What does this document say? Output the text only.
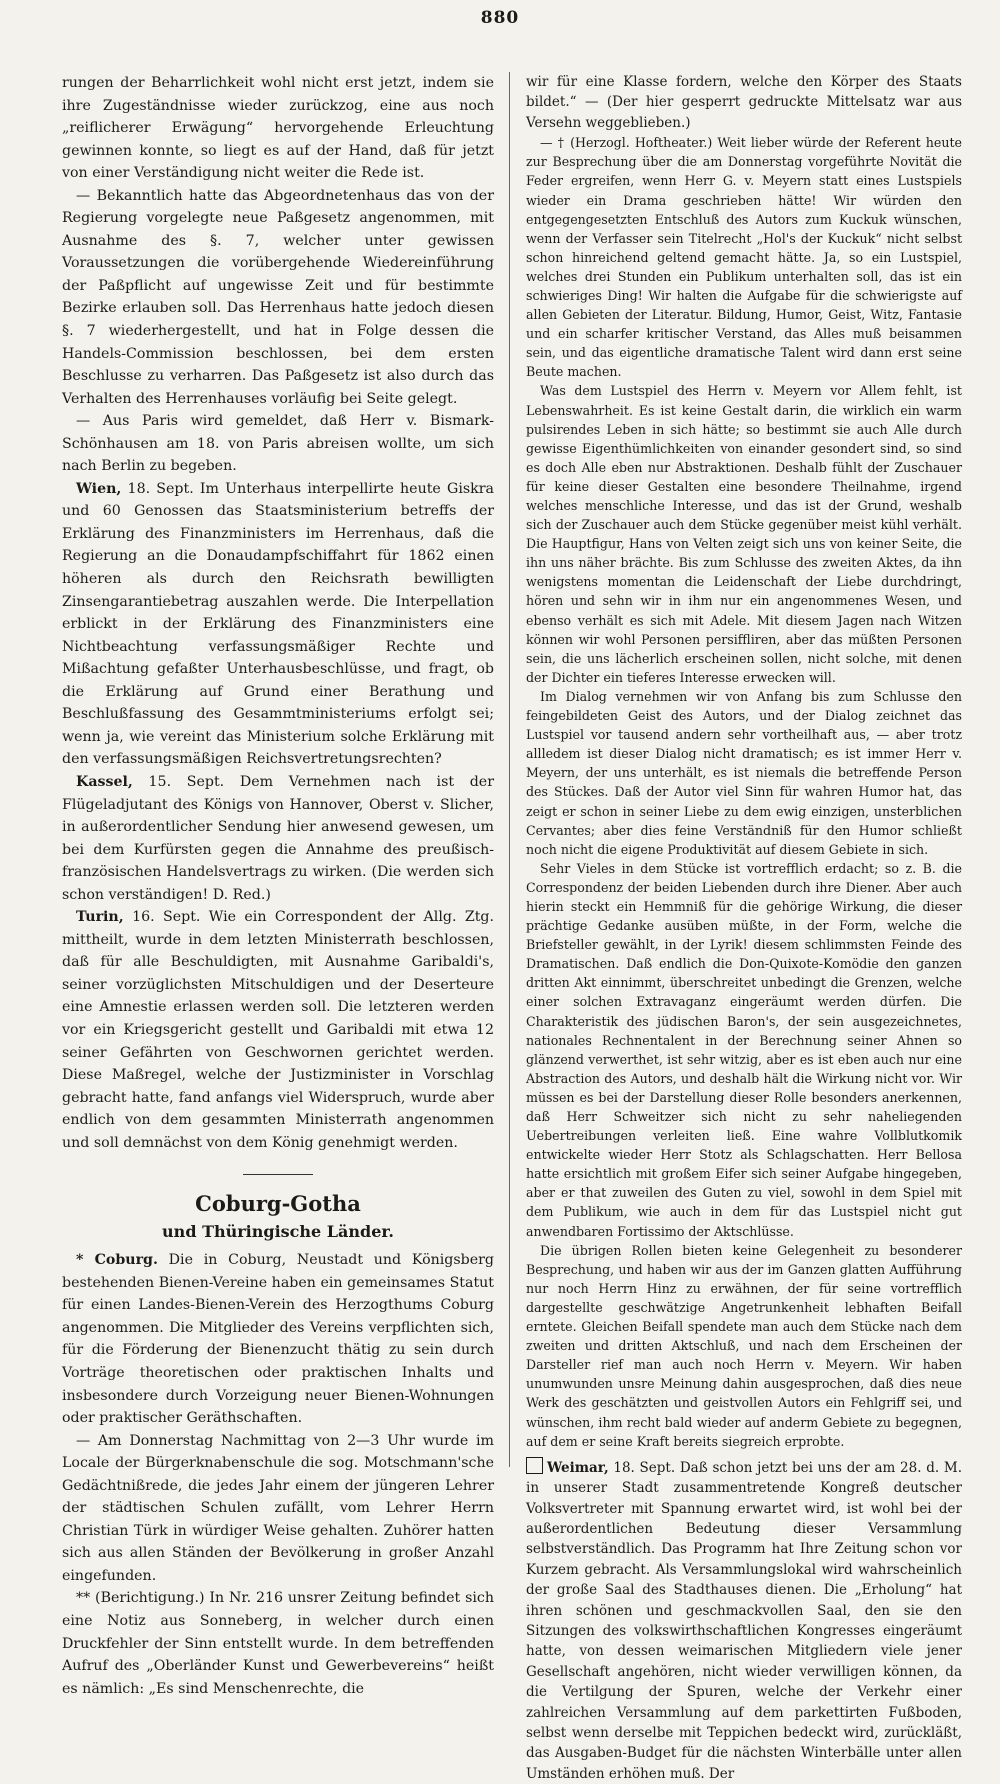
880

rungen der Beharrlichkeit wohl nicht erst jetzt, indem sie ihre Zugeständnisse wieder zurückzog, eine aus noch „reiflicherer Erwägung“ hervorgehende Erleuchtung gewinnen konnte, so liegt es auf der Hand, daß für jetzt von einer Verständigung nicht weiter die Rede ist.

— Bekanntlich hatte das Abgeordnetenhaus das von der Regierung vorgelegte neue Paßgesetz angenommen, mit Ausnahme des §. 7, welcher unter gewissen Voraussetzungen die vorübergehende Wiedereinführung der Paßpflicht auf ungewisse Zeit und für bestimmte Bezirke erlauben soll. Das Herrenhaus hatte jedoch diesen §. 7 wiederhergestellt, und hat in Folge dessen die Handels-Commission beschlossen, bei dem ersten Beschlusse zu verharren. Das Paßgesetz ist also durch das Verhalten des Herrenhauses vorläufig bei Seite gelegt.

— Aus Paris wird gemeldet, daß Herr v. Bismark-Schönhausen am 18. von Paris abreisen wollte, um sich nach Berlin zu begeben.

Wien, 18. Sept. Im Unterhaus interpellirte heute Giskra und 60 Genossen das Staatsministerium betreffs der Erklärung des Finanzministers im Herrenhaus, daß die Regierung an die Donaudampfschiffahrt für 1862 einen höheren als durch den Reichsrath bewilligten Zinsengarantiebetrag auszahlen werde. Die Interpellation erblickt in der Erklärung des Finanzministers eine Nichtbeachtung verfassungsmäßiger Rechte und Mißachtung gefaßter Unterhausbeschlüsse, und fragt, ob die Erklärung auf Grund einer Berathung und Beschlußfassung des Gesammtministeriums erfolgt sei; wenn ja, wie vereint das Ministerium solche Erklärung mit den verfassungsmäßigen Reichsvertretungsrechten?

Kassel, 15. Sept. Dem Vernehmen nach ist der Flügeladjutant des Königs von Hannover, Oberst v. Slicher, in außerordentlicher Sendung hier anwesend gewesen, um bei dem Kurfürsten gegen die Annahme des preußisch-französischen Handelsvertrags zu wirken. (Die werden sich schon verständigen! D. Red.)

Turin, 16. Sept. Wie ein Correspondent der Allg. Ztg. mittheilt, wurde in dem letzten Ministerrath beschlossen, daß für alle Beschuldigten, mit Ausnahme Garibaldi's, seiner vorzüglichsten Mitschuldigen und der Deserteure eine Amnestie erlassen werden soll. Die letzteren werden vor ein Kriegsgericht gestellt und Garibaldi mit etwa 12 seiner Gefährten von Geschwornen gerichtet werden. Diese Maßregel, welche der Justizminister in Vorschlag gebracht hatte, fand anfangs viel Widerspruch, wurde aber endlich von dem gesammten Ministerrath angenommen und soll demnächst von dem König genehmigt werden.

Coburg-Gotha
und Thüringische Länder.

* Coburg. Die in Coburg, Neustadt und Königsberg bestehenden Bienen-Vereine haben ein gemeinsames Statut für einen Landes-Bienen-Verein des Herzogthums Coburg angenommen. Die Mitglieder des Vereins verpflichten sich, für die Förderung der Bienenzucht thätig zu sein durch Vorträge theoretischen oder praktischen Inhalts und insbesondere durch Vorzeigung neuer Bienen-Wohnungen oder praktischer Geräthschaften.

— Am Donnerstag Nachmittag von 2—3 Uhr wurde im Locale der Bürgerknabenschule die sog. Motschmann'sche Gedächtnißrede, die jedes Jahr einem der jüngeren Lehrer der städtischen Schulen zufällt, vom Lehrer Herrn Christian Türk in würdiger Weise gehalten. Zuhörer hatten sich aus allen Ständen der Bevölkerung in großer Anzahl eingefunden.

** (Berichtigung.) In Nr. 216 unsrer Zeitung befindet sich eine Notiz aus Sonneberg, in welcher durch einen Druckfehler der Sinn entstellt wurde. In dem betreffenden Aufruf des „Oberländer Kunst und Gewerbevereins“ heißt es nämlich: „Es sind Menschenrechte, die

wir für eine Klasse fordern, welche den Körper des Staats bildet.“ — (Der hier gesperrt gedruckte Mittelsatz war aus Versehn weggeblieben.)

— † (Herzogl. Hoftheater.) Weit lieber würde der Referent heute zur Besprechung über die am Donnerstag vorgeführte Novität die Feder ergreifen, wenn Herr G. v. Meyern statt eines Lustspiels wieder ein Drama geschrieben hätte! Wir würden den entgegengesetzten Entschluß des Autors zum Kuckuk wünschen, wenn der Verfasser sein Titelrecht „Hol's der Kuckuk“ nicht selbst schon hinreichend geltend gemacht hätte. Ja, so ein Lustspiel, welches drei Stunden ein Publikum unterhalten soll, das ist ein schwieriges Ding! Wir halten die Aufgabe für die schwierigste auf allen Gebieten der Literatur. Bildung, Humor, Geist, Witz, Fantasie und ein scharfer kritischer Verstand, das Alles muß beisammen sein, und das eigentliche dramatische Talent wird dann erst seine Beute machen.

Was dem Lustspiel des Herrn v. Meyern vor Allem fehlt, ist Lebenswahrheit. Es ist keine Gestalt darin, die wirklich ein warm pulsirendes Leben in sich hätte; so bestimmt sie auch Alle durch gewisse Eigenthümlichkeiten von einander gesondert sind, so sind es doch Alle eben nur Abstraktionen. Deshalb fühlt der Zuschauer für keine dieser Gestalten eine besondere Theilnahme, irgend welches menschliche Interesse, und das ist der Grund, weshalb sich der Zuschauer auch dem Stücke gegenüber meist kühl verhält. Die Hauptfigur, Hans von Velten zeigt sich uns von keiner Seite, die ihn uns näher brächte. Bis zum Schlusse des zweiten Aktes, da ihn wenigstens momentan die Leidenschaft der Liebe durchdringt, hören und sehn wir in ihm nur ein angenommenes Wesen, und ebenso verhält es sich mit Adele. Mit diesem Jagen nach Witzen können wir wohl Personen persiffliren, aber das müßten Personen sein, die uns lächerlich erscheinen sollen, nicht solche, mit denen der Dichter ein tieferes Interesse erwecken will.

Im Dialog vernehmen wir von Anfang bis zum Schlusse den feingebildeten Geist des Autors, und der Dialog zeichnet das Lustspiel vor tausend andern sehr vortheilhaft aus, — aber trotz allledem ist dieser Dialog nicht dramatisch; es ist immer Herr v. Meyern, der uns unterhält, es ist niemals die betreffende Person des Stückes. Daß der Autor viel Sinn für wahren Humor hat, das zeigt er schon in seiner Liebe zu dem ewig einzigen, unsterblichen Cervantes; aber dies feine Verständniß für den Humor schließt noch nicht die eigene Produktivität auf diesem Gebiete in sich.

Sehr Vieles in dem Stücke ist vortrefflich erdacht; so z. B. die Correspondenz der beiden Liebenden durch ihre Diener. Aber auch hierin steckt ein Hemmniß für die gehörige Wirkung, die dieser prächtige Gedanke ausüben müßte, in der Form, welche die Briefsteller gewählt, in der Lyrik! diesem schlimmsten Feinde des Dramatischen. Daß endlich die Don-Quixote-Komödie den ganzen dritten Akt einnimmt, überschreitet unbedingt die Grenzen, welche einer solchen Extravaganz eingeräumt werden dürfen. Die Charakteristik des jüdischen Baron's, der sein ausgezeichnetes, nationales Rechnentalent in der Berechnung seiner Ahnen so glänzend verwerthet, ist sehr witzig, aber es ist eben auch nur eine Abstraction des Autors, und deshalb hält die Wirkung nicht vor. Wir müssen es bei der Darstellung dieser Rolle besonders anerkennen, daß Herr Schweitzer sich nicht zu sehr naheliegenden Uebertreibungen verleiten ließ. Eine wahre Vollblutkomik entwickelte wieder Herr Stotz als Schlagschatten. Herr Bellosa hatte ersichtlich mit großem Eifer sich seiner Aufgabe hingegeben, aber er that zuweilen des Guten zu viel, sowohl in dem Spiel mit dem Publikum, wie auch in dem für das Lustspiel nicht gut anwendbaren Fortissimo der Aktschlüsse.

Die übrigen Rollen bieten keine Gelegenheit zu besonderer Besprechung, und haben wir aus der im Ganzen glatten Aufführung nur noch Herrn Hinz zu erwähnen, der für seine vortrefflich dargestellte geschwätzige Angetrunkenheit lebhaften Beifall erntete. Gleichen Beifall spendete man auch dem Stücke nach dem zweiten und dritten Aktschluß, und nach dem Erscheinen der Darsteller rief man auch noch Herrn v. Meyern. Wir haben unumwunden unsre Meinung dahin ausgesprochen, daß dies neue Werk des geschätzten und geistvollen Autors ein Fehlgriff sei, und wünschen, ihm recht bald wieder auf anderm Gebiete zu begegnen, auf dem er seine Kraft bereits siegreich erprobte.

Weimar, 18. Sept. Daß schon jetzt bei uns der am 28. d. M. in unserer Stadt zusammentretende Kongreß deutscher Volksvertreter mit Spannung erwartet wird, ist wohl bei der außerordentlichen Bedeutung dieser Versammlung selbstverständlich. Das Programm hat Ihre Zeitung schon vor Kurzem gebracht. Als Versammlungslokal wird wahrscheinlich der große Saal des Stadthauses dienen. Die „Erholung“ hat ihren schönen und geschmackvollen Saal, den sie den Sitzungen des volkswirthschaftlichen Kongresses eingeräumt hatte, von dessen weimarischen Mitgliedern viele jener Gesellschaft angehören, nicht wieder verwilligen können, da die Vertilgung der Spuren, welche der Verkehr einer zahlreichen Versammlung auf dem parkettirten Fußboden, selbst wenn derselbe mit Teppichen bedeckt wird, zurückläßt, das Ausgaben-Budget für die nächsten Winterbälle unter allen Umständen erhöhen muß. Der
